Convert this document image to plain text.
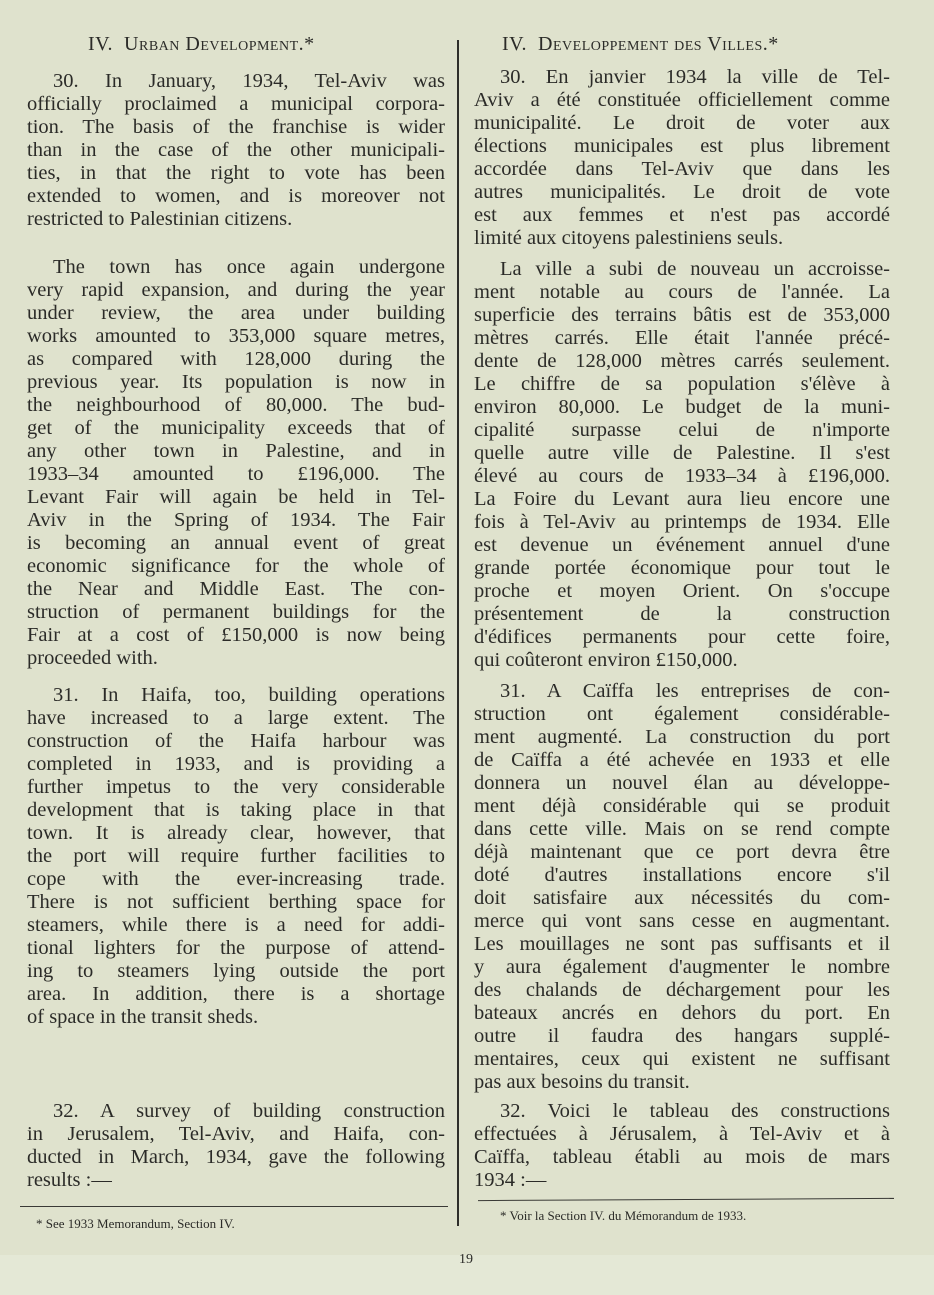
IV. Urban Development.*	IV. Developpement des Villes.*
30. In January, 1934, Tel-Aviv was
officially proclaimed a municipal corpora-
tion. The basis of the franchise is wider
than in the case of the other municipali-
ties, in that the right to vote has been
extended to women, and is moreover not
restricted to Palestinian citizens.
The town has once again undergone
very rapid expansion, and during the year
under review, the area under building
works amounted to 353,000 square metres,
as compared with 128,000 during the
previous year. Its population is now in
the neighbourhood of 80,000. The bud-
get of the municipality exceeds that of
any other town in Palestine, and in
1933–34 amounted to £196,000. The
Levant Fair will again be held in Tel-
Aviv in the Spring of 1934. The Fair
is becoming an annual event of great
economic significance for the whole of
the Near and Middle East. The con-
struction of permanent buildings for the
Fair at a cost of £150,000 is now being
proceeded with.
31. In Haifa, too, building operations
have increased to a large extent. The
construction of the Haifa harbour was
completed in 1933, and is providing a
further impetus to the very considerable
development that is taking place in that
town. It is already clear, however, that
the port will require further facilities to
cope with the ever-increasing trade.
There is not sufficient berthing space for
steamers, while there is a need for addi-
tional lighters for the purpose of attend-
ing to steamers lying outside the port
area. In addition, there is a shortage
of space in the transit sheds.
32. A survey of building construction
in Jerusalem, Tel-Aviv, and Haifa, con-
ducted in March, 1934, gave the following
results :—
30. En janvier 1934 la ville de Tel-
Aviv a été constituée officiellement comme
municipalité. Le droit de voter aux
élections municipales est plus librement
accordée dans Tel-Aviv que dans les
autres municipalités. Le droit de vote
est aux femmes et n'est pas accordé
limité aux citoyens palestiniens seuls.
La ville a subi de nouveau un accroisse-
ment notable au cours de l'année. La
superficie des terrains bâtis est de 353,000
mètres carrés. Elle était l'année précé-
dente de 128,000 mètres carrés seulement.
Le chiffre de sa population s'élève à
environ 80,000. Le budget de la muni-
cipalité surpasse celui de n'importe
quelle autre ville de Palestine. Il s'est
élevé au cours de 1933–34 à £196,000.
La Foire du Levant aura lieu encore une
fois à Tel-Aviv au printemps de 1934. Elle
est devenue un événement annuel d'une
grande portée économique pour tout le
proche et moyen Orient. On s'occupe
présentement de la construction
d'édifices permanents pour cette foire,
qui coûteront environ £150,000.
31. A Caïffa les entreprises de con-
struction ont également considérable-
ment augmenté. La construction du port
de Caïffa a été achevée en 1933 et elle
donnera un nouvel élan au développe-
ment déjà considérable qui se produit
dans cette ville. Mais on se rend compte
déjà maintenant que ce port devra être
doté d'autres installations encore s'il
doit satisfaire aux nécessités du com-
merce qui vont sans cesse en augmentant.
Les mouillages ne sont pas suffisants et il
y aura également d'augmenter le nombre
des chalands de déchargement pour les
bateaux ancrés en dehors du port. En
outre il faudra des hangars supplé-
mentaires, ceux qui existent ne suffisant
pas aux besoins du transit.
32. Voici le tableau des constructions
effectuées à Jérusalem, à Tel-Aviv et à
Caïffa, tableau établi au mois de mars
1934 :—
* See 1933 Memorandum, Section IV.
* Voir la Section IV. du Mémorandum de 1933.
19
